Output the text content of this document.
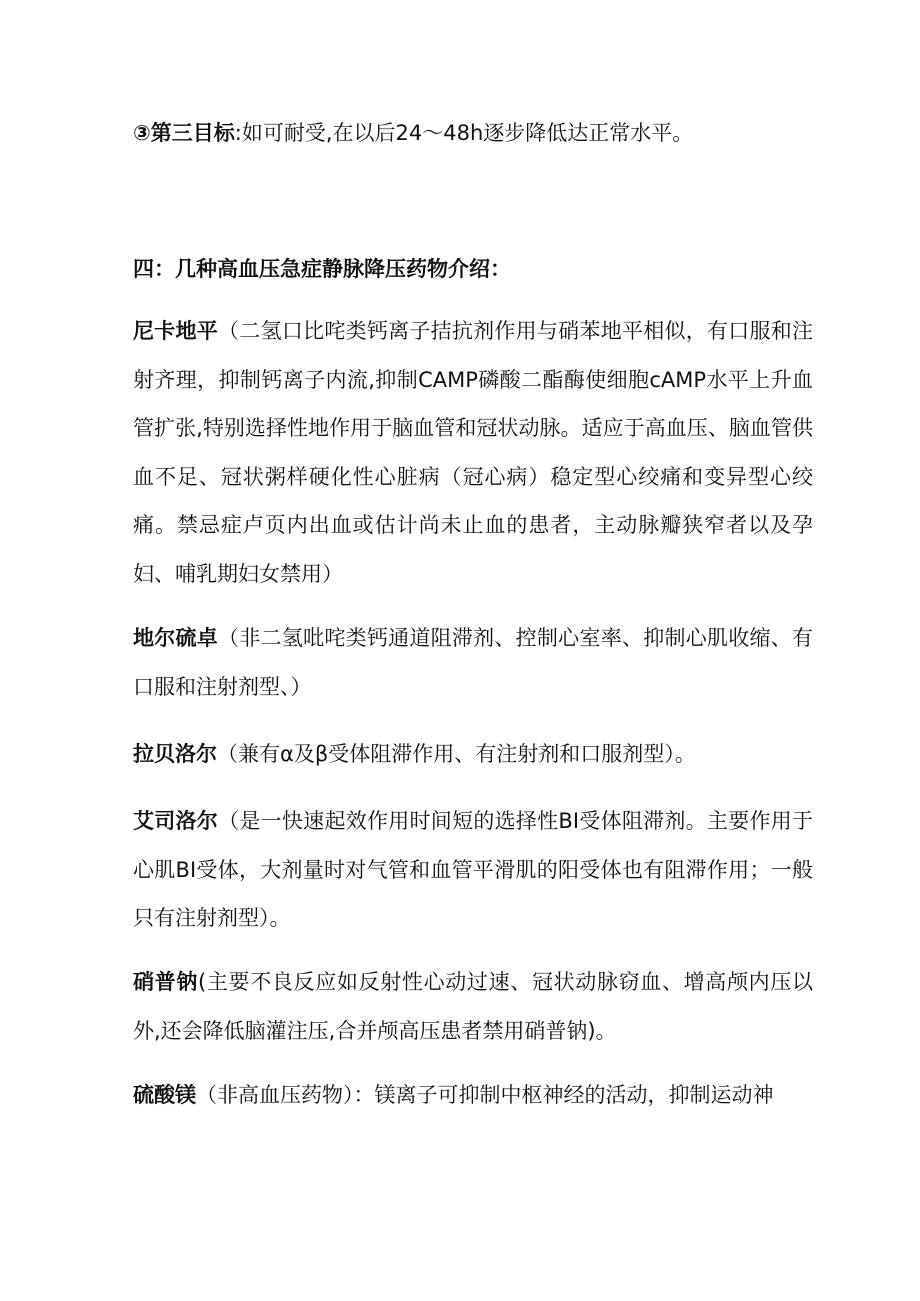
③第三目标:如可耐受,在以后24～48h逐步降低达正常水平。

四：几种高血压急症静脉降压药物介绍：

尼卡地平（二氢口比咤类钙离子拮抗剂作用与硝苯地平相似，有口服和注射齐理，抑制钙离子内流,抑制CAMP磷酸二酯酶使细胞cAMP水平上升血管扩张,特别选择性地作用于脑血管和冠状动脉。适应于高血压、脑血管供血不足、冠状粥样硬化性心脏病（冠心病）稳定型心绞痛和变异型心绞痛。禁忌症卢页内出血或估计尚未止血的患者，主动脉瓣狭窄者以及孕妇、哺乳期妇女禁用）

地尔硫卓（非二氢吡咤类钙通道阻滞剂、控制心室率、抑制心肌收缩、有口服和注射剂型、）

拉贝洛尔（兼有α及β受体阻滞作用、有注射剂和口服剂型）。

艾司洛尔（是一快速起效作用时间短的选择性BI受体阻滞剂。主要作用于心肌BI受体，大剂量时对气管和血管平滑肌的阳受体也有阻滞作用；一般只有注射剂型）。

硝普钠(主要不良反应如反射性心动过速、冠状动脉窃血、增高颅内压以外,还会降低脑灌注压,合并颅高压患者禁用硝普钠)。

硫酸镁（非高血压药物）：镁离子可抑制中枢神经的活动，抑制运动神
